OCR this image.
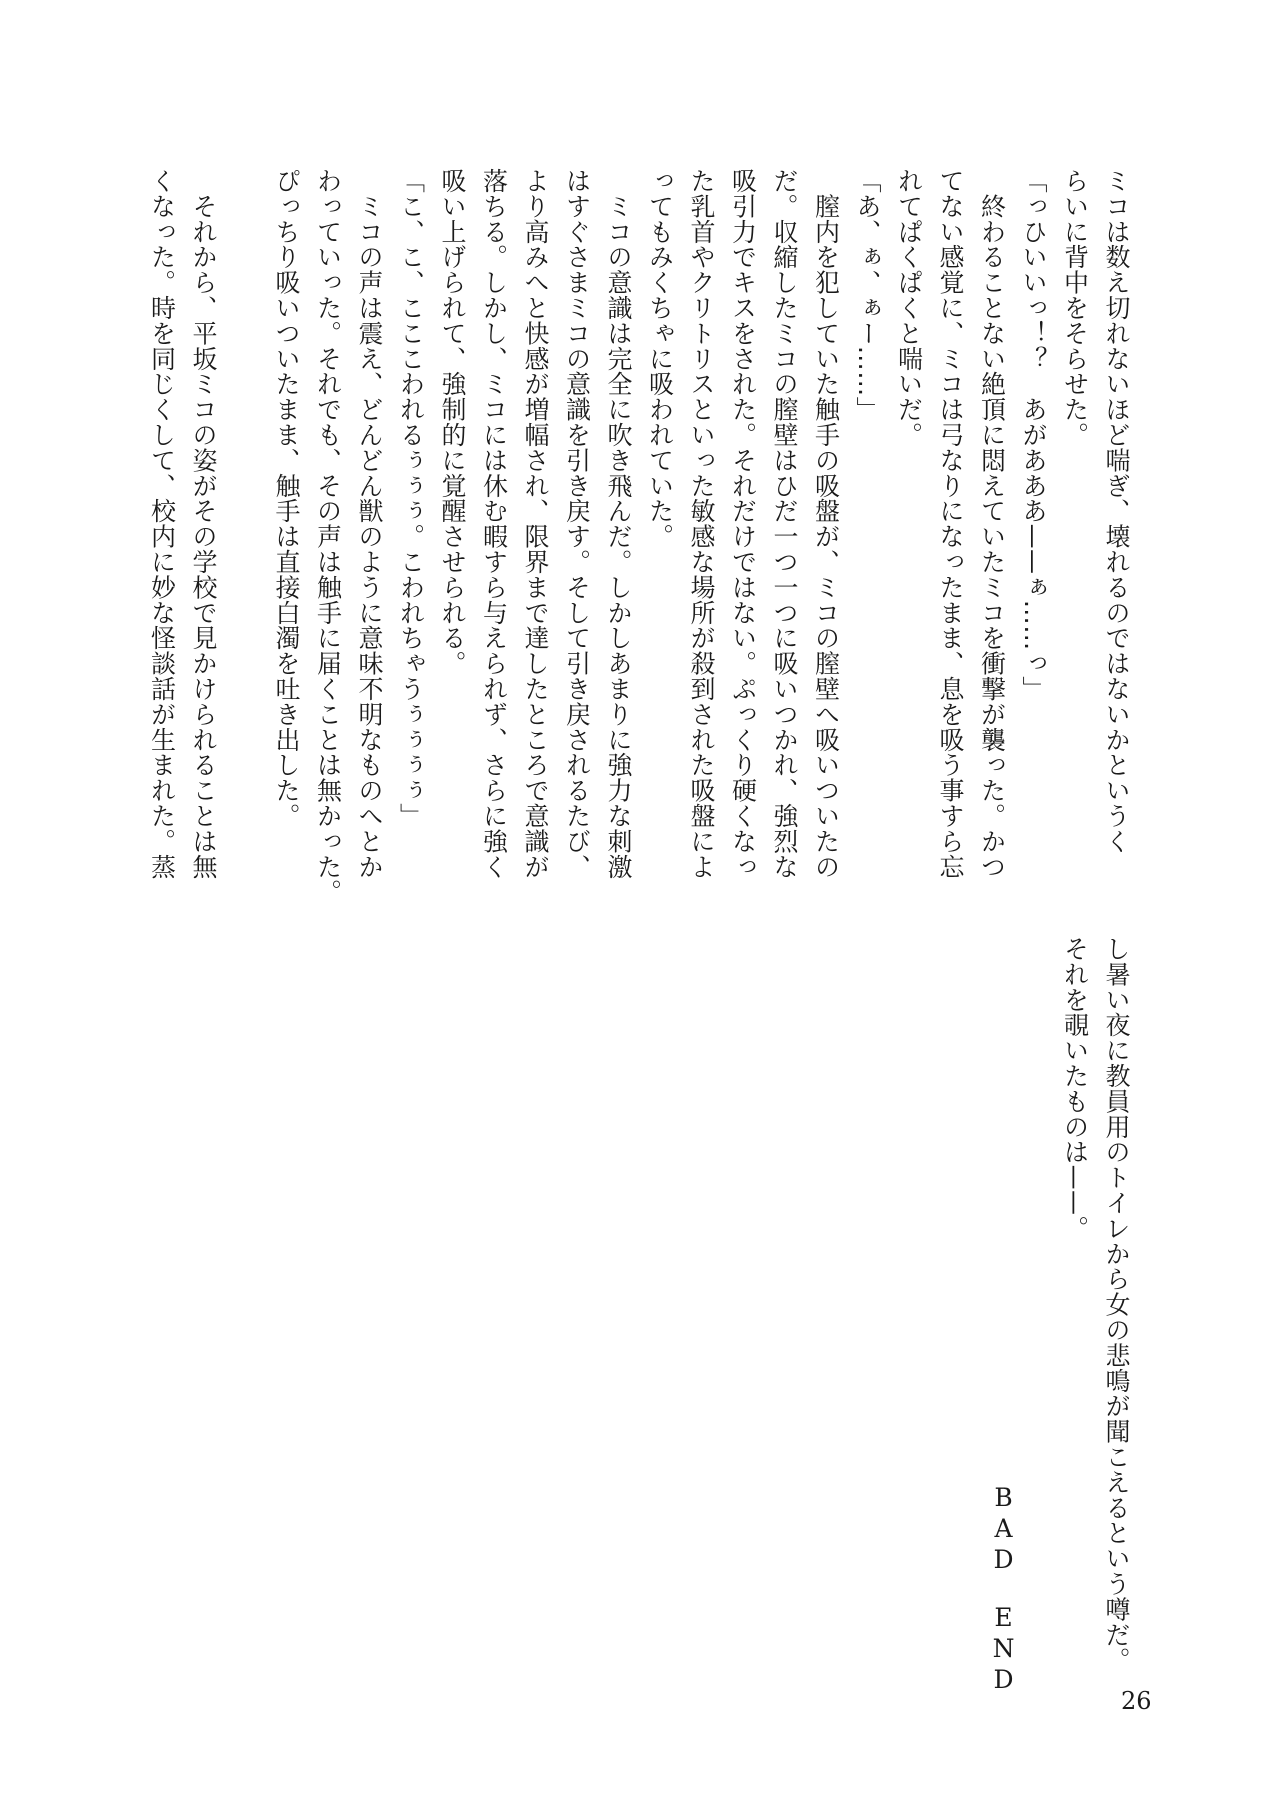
ミコは数え切れないほど喘ぎ、壊れるのではないかというく
らいに背中をそらせた。
「っひいいっ！？　あがあああ——ぁ……っ」
　終わることない絶頂に悶えていたミコを衝撃が襲った。かつ
てない感覚に、ミコは弓なりになったまま、息を吸う事すら忘
れてぱくぱくと喘いだ。
「あ、ぁ、ぁー……」
　膣内を犯していた触手の吸盤が、ミコの膣壁へ吸いついたの
だ。収縮したミコの膣壁はひだ一つ一つに吸いつかれ、強烈な
吸引力でキスをされた。それだけではない。ぷっくり硬くなっ
た乳首やクリトリスといった敏感な場所が殺到された吸盤によ
ってもみくちゃに吸われていた。
　ミコの意識は完全に吹き飛んだ。しかしあまりに強力な刺激
はすぐさまミコの意識を引き戻す。そして引き戻されるたび、
より高みへと快感が増幅され、限界まで達したところで意識が
落ちる。しかし、ミコには休む暇すら与えられず、さらに強く
吸い上げられて、強制的に覚醒させられる。
「こ、こ、こここわれるぅぅぅ。こわれちゃうぅぅぅぅ」
　ミコの声は震え、どんどん獣のように意味不明なものへとか
わっていった。それでも、その声は触手に届くことは無かった。
ぴっちり吸いついたまま、触手は直接白濁を吐き出した。
　それから、平坂ミコの姿がその学校で見かけられることは無
くなった。時を同じくして、校内に妙な怪談話が生まれた。蒸
し暑い夜に教員用のトイレから女の悲鳴が聞こえるという噂だ。
それを覗いたものは——。
BAD　END
26
